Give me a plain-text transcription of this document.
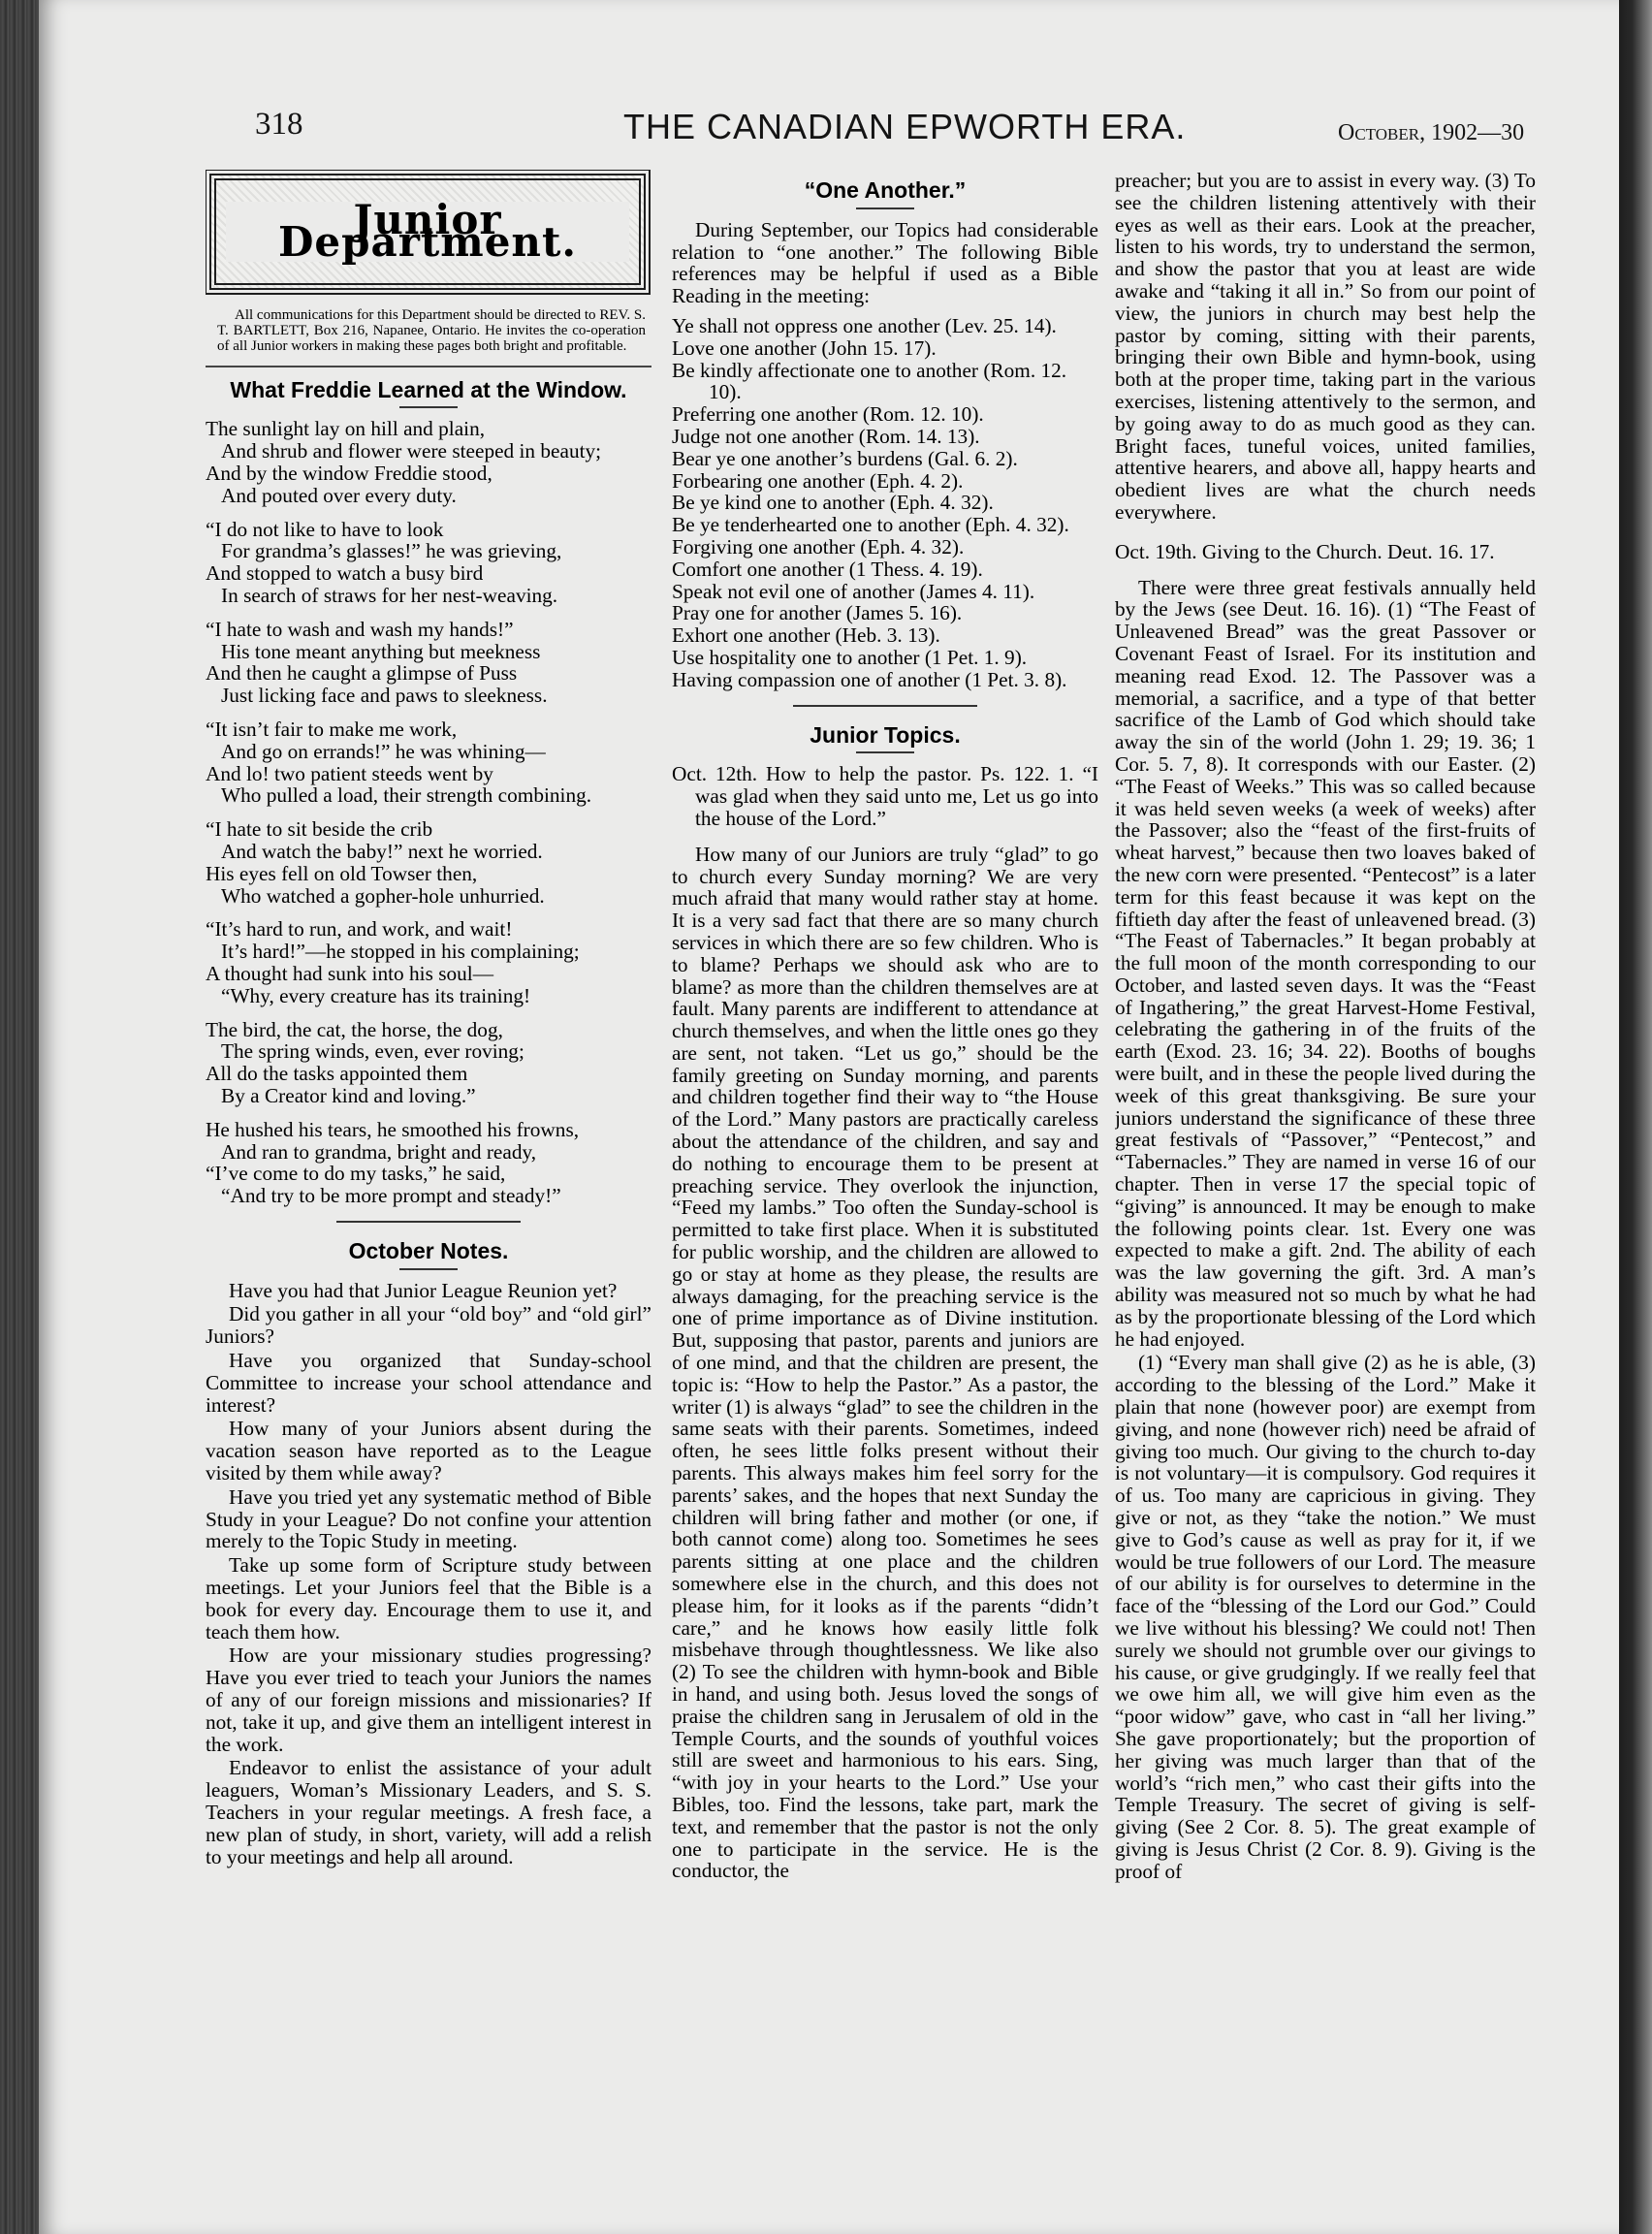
318	THE CANADIAN EPWORTH ERA.	October, 1902—30
Junior Department.
All communications for this Department should be directed to REV. S. T. BARTLETT, Box 216, Napanee, Ontario. He invites the co-operation of all Junior workers in making these pages both bright and profitable.
What Freddie Learned at the Window.
The sunlight lay on hill and plain,
And shrub and flower were steeped in beauty;
And by the window Freddie stood,
And pouted over every duty.
“I do not like to have to look
For grandma’s glasses!” he was grieving,
And stopped to watch a busy bird
In search of straws for her nest-weaving.
“I hate to wash and wash my hands!”
His tone meant anything but meekness
And then he caught a glimpse of Puss
Just licking face and paws to sleekness.
“It isn’t fair to make me work,
And go on errands!” he was whining—
And lo! two patient steeds went by
Who pulled a load, their strength combining.
“I hate to sit beside the crib
And watch the baby!” next he worried.
His eyes fell on old Towser then,
Who watched a gopher-hole unhurried.
“It’s hard to run, and work, and wait!
It’s hard!”—he stopped in his complaining;
A thought had sunk into his soul—
“Why, every creature has its training!
The bird, the cat, the horse, the dog,
The spring winds, even, ever roving;
All do the tasks appointed them
By a Creator kind and loving.”
He hushed his tears, he smoothed his frowns,
And ran to grandma, bright and ready,
“I’ve come to do my tasks,” he said,
“And try to be more prompt and steady!”
October Notes.

Have you had that Junior League Reunion yet?

Did you gather in all your “old boy” and “old girl” Juniors?

Have you organized that Sunday-school Committee to increase your school attendance and interest?

How many of your Juniors absent during the vacation season have reported as to the League visited by them while away?

Have you tried yet any systematic method of Bible Study in your League? Do not confine your attention merely to the Topic Study in meeting.

Take up some form of Scripture study between meetings. Let your Juniors feel that the Bible is a book for every day. Encourage them to use it, and teach them how.

How are your missionary studies progressing? Have you ever tried to teach your Juniors the names of any of our foreign missions and missionaries? If not, take it up, and give them an intelligent interest in the work.

Endeavor to enlist the assistance of your adult leaguers, Woman’s Missionary Leaders, and S. S. Teachers in your regular meetings. A fresh face, a new plan of study, in short, variety, will add a relish to your meetings and help all around.

“One Another.”

During September, our Topics had considerable relation to “one another.” The following Bible references may be helpful if used as a Bible Reading in the meeting:

Ye shall not oppress one another (Lev. 25. 14).
Love one another (John 15. 17).
Be kindly affectionate one to another (Rom. 12. 10).
Preferring one another (Rom. 12. 10).
Judge not one another (Rom. 14. 13).
Bear ye one another’s burdens (Gal. 6. 2).
Forbearing one another (Eph. 4. 2).
Be ye kind one to another (Eph. 4. 32).
Be ye tenderhearted one to another (Eph. 4. 32).
Forgiving one another (Eph. 4. 32).
Comfort one another (1 Thess. 4. 19).
Speak not evil one of another (James 4. 11).
Pray one for another (James 5. 16).
Exhort one another (Heb. 3. 13).
Use hospitality one to another (1 Pet. 1. 9).
Having compassion one of another (1 Pet. 3. 8).
Junior Topics.
Oct. 12th. How to help the pastor. Ps. 122. 1. “I was glad when they said unto me, Let us go into the house of the Lord.”

How many of our Juniors are truly “glad” to go to church every Sunday morning? We are very much afraid that many would rather stay at home. It is a very sad fact that there are so many church services in which there are so few children. Who is to blame? Perhaps we should ask who are to blame? as more than the children themselves are at fault. Many parents are indifferent to attendance at church themselves, and when the little ones go they are sent, not taken. “Let us go,” should be the family greeting on Sunday morning, and parents and children together find their way to “the House of the Lord.” Many pastors are practically careless about the attendance of the children, and say and do nothing to encourage them to be present at preaching service. They overlook the injunction, “Feed my lambs.” Too often the Sunday-school is permitted to take first place. When it is substituted for public worship, and the children are allowed to go or stay at home as they please, the results are always damaging, for the preaching service is the one of prime importance as of Divine institution. But, supposing that pastor, parents and juniors are of one mind, and that the children are present, the topic is: “How to help the Pastor.” As a pastor, the writer (1) is always “glad” to see the children in the same seats with their parents. Sometimes, indeed often, he sees little folks present without their parents. This always makes him feel sorry for the parents’ sakes, and the hopes that next Sunday the children will bring father and mother (or one, if both cannot come) along too. Sometimes he sees parents sitting at one place and the children somewhere else in the church, and this does not please him, for it looks as if the parents “didn’t care,” and he knows how easily little folk misbehave through thoughtlessness. We like also (2) To see the children with hymn-book and Bible in hand, and using both. Jesus loved the songs of praise the children sang in Jerusalem of old in the Temple Courts, and the sounds of youthful voices still are sweet and harmonious to his ears. Sing, “with joy in your hearts to the Lord.” Use your Bibles, too. Find the lessons, take part, mark the text, and remember that the pastor is not the only one to participate in the service. He is the conductor, the

preacher; but you are to assist in every way. (3) To see the children listening attentively with their eyes as well as their ears. Look at the preacher, listen to his words, try to understand the sermon, and show the pastor that you at least are wide awake and “taking it all in.” So from our point of view, the juniors in church may best help the pastor by coming, sitting with their parents, bringing their own Bible and hymn-book, using both at the proper time, taking part in the various exercises, listening attentively to the sermon, and by going away to do as much good as they can. Bright faces, tuneful voices, united families, attentive hearers, and above all, happy hearts and obedient lives are what the church needs everywhere.
Oct. 19th. Giving to the Church. Deut. 16. 17.

There were three great festivals annually held by the Jews (see Deut. 16. 16). (1) “The Feast of Unleavened Bread” was the great Passover or Covenant Feast of Israel. For its institution and meaning read Exod. 12. The Passover was a memorial, a sacrifice, and a type of that better sacrifice of the Lamb of God which should take away the sin of the world (John 1. 29; 19. 36; 1 Cor. 5. 7, 8). It corresponds with our Easter. (2) “The Feast of Weeks.” This was so called because it was held seven weeks (a week of weeks) after the Passover; also the “feast of the first-fruits of wheat harvest,” because then two loaves baked of the new corn were presented. “Pentecost” is a later term for this feast because it was kept on the fiftieth day after the feast of unleavened bread. (3) “The Feast of Tabernacles.” It began probably at the full moon of the month corresponding to our October, and lasted seven days. It was the “Feast of Ingathering,” the great Harvest-Home Festival, celebrating the gathering in of the fruits of the earth (Exod. 23. 16; 34. 22). Booths of boughs were built, and in these the people lived during the week of this great thanksgiving. Be sure your juniors understand the significance of these three great festivals of “Passover,” “Pentecost,” and “Tabernacles.” They are named in verse 16 of our chapter. Then in verse 17 the special topic of “giving” is announced. It may be enough to make the following points clear. 1st. Every one was expected to make a gift. 2nd. The ability of each was the law governing the gift. 3rd. A man’s ability was measured not so much by what he had as by the proportionate blessing of the Lord which he had enjoyed.

(1) “Every man shall give (2) as he is able, (3) according to the blessing of the Lord.” Make it plain that none (however poor) are exempt from giving, and none (however rich) need be afraid of giving too much. Our giving to the church to-day is not voluntary—it is compulsory. God requires it of us. Too many are capricious in giving. They give or not, as they “take the notion.” We must give to God’s cause as well as pray for it, if we would be true followers of our Lord. The measure of our ability is for ourselves to determine in the face of the “blessing of the Lord our God.” Could we live without his blessing? We could not! Then surely we should not grumble over our givings to his cause, or give grudgingly. If we really feel that we owe him all, we will give him even as the “poor widow” gave, who cast in “all her living.” She gave proportionately; but the proportion of her giving was much larger than that of the world’s “rich men,” who cast their gifts into the Temple Treasury. The secret of giving is self-giving (See 2 Cor. 8. 5). The great example of giving is Jesus Christ (2 Cor. 8. 9). Giving is the proof of
